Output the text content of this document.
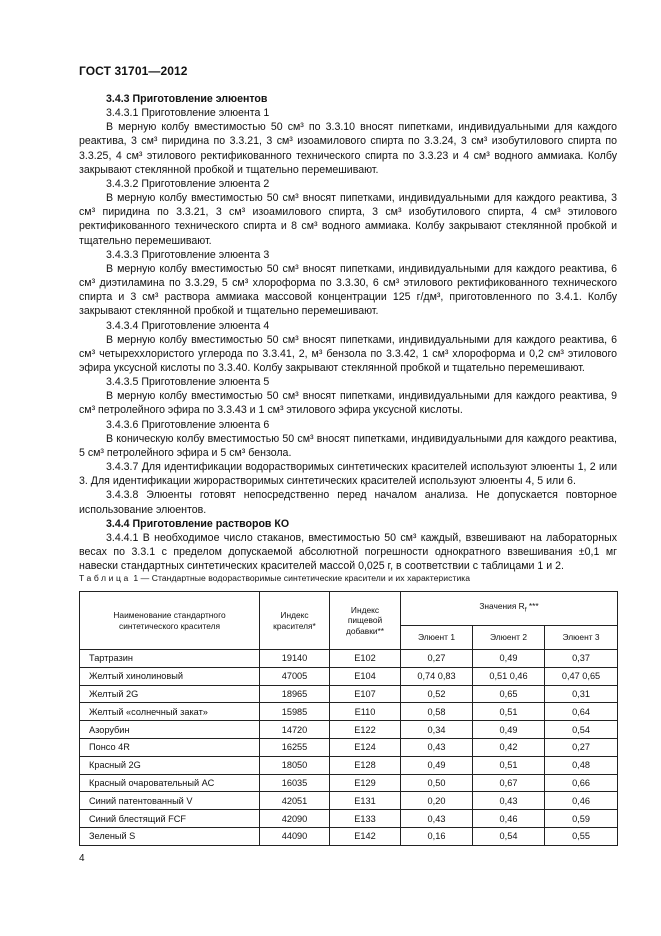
ГОСТ 31701—2012

3.4.3 Приготовление элюентов

3.4.3.1 Приготовление элюента 1

В мерную колбу вместимостью 50 см³ по 3.3.10 вносят пипетками, индивидуальными для каждого реактива, 3 см³ пиридина по 3.3.21, 3 см³ изоамилового спирта по 3.3.24, 3 см³ изобутилового спирта по 3.3.25, 4 см³ этилового ректификованного технического спирта по 3.3.23 и 4 см³ водного аммиака. Колбу закрывают стеклянной пробкой и тщательно перемешивают.

3.4.3.2 Приготовление элюента 2

В мерную колбу вместимостью 50 см³ вносят пипетками, индивидуальными для каждого реактива, 3 см³ пиридина по 3.3.21, 3 см³ изоамилового спирта, 3 см³ изобутилового спирта, 4 см³ этилового ректификованного технического спирта и 8 см³ водного аммиака. Колбу закрывают стеклянной пробкой и тщательно перемешивают.

3.4.3.3 Приготовление элюента 3

В мерную колбу вместимостью 50 см³ вносят пипетками, индивидуальными для каждого реактива, 6 см³ диэтиламина по 3.3.29, 5 см³ хлороформа по 3.3.30, 6 см³ этилового ректификованного технического спирта и 3 см³ раствора аммиака массовой концентрации 125 г/дм³, приготовленного по 3.4.1. Колбу закрывают стеклянной пробкой и тщательно перемешивают.

3.4.3.4 Приготовление элюента 4

В мерную колбу вместимостью 50 см³ вносят пипетками, индивидуальными для каждого реактива, 6 см³ четыреххлористого углерода по 3.3.41, 2, м³ бензола по 3.3.42, 1 см³ хлороформа и 0,2 см³ этилового эфира уксусной кислоты по 3.3.40. Колбу закрывают стеклянной пробкой и тщательно перемешивают.

3.4.3.5 Приготовление элюента 5

В мерную колбу вместимостью 50 см³ вносят пипетками, индивидуальными для каждого реактива, 9 см³ петролейного эфира по 3.3.43 и 1 см³ этилового эфира уксусной кислоты.

3.4.3.6 Приготовление элюента 6

В коническую колбу вместимостью 50 см³ вносят пипетками, индивидуальными для каждого реактива, 5 см³ петролейного эфира и 5 см³ бензола.

3.4.3.7 Для идентификации водорастворимых синтетических красителей используют элюенты 1, 2 или 3. Для идентификации жирорастворимых синтетических красителей используют элюенты 4, 5 или 6.

3.4.3.8 Элюенты готовят непосредственно перед началом анализа. Не допускается повторное использование элюентов.

3.4.4 Приготовление растворов КО

3.4.4.1 В необходимое число стаканов, вместимостью 50 см³ каждый, взвешивают на лабораторных весах по 3.3.1 с пределом допускаемой абсолютной погрешности однократного взвешивания ±0,1 мг навески стандартных синтетических красителей массой 0,025 г, в соответствии с таблицами 1 и 2.

Таблица 1 — Стандартные водорастворимые синтетические красители и их характеристика
Наименование стандартного синтетического красителя	Индекс красителя*	Индекс пищевой добавки**	Значения $R_f$ ***		
			Элюент 1	Элюент 2	Элюент 3
Тартразин	19140	E102	0,27	0,49	0,37
Желтый хинолиновый	47005	E104	0,74 0,83	0,51 0,46	0,47 0,65
Желтый 2G	18965	E107	0,52	0,65	0,31
Желтый «солнечный закат»	15985	E110	0,58	0,51	0,64
Азорубин	14720	E122	0,34	0,49	0,54
Понсо 4R	16255	E124	0,43	0,42	0,27
Красный 2G	18050	E128	0,49	0,51	0,48
Красный очаровательный АС	16035	E129	0,50	0,67	0,66
Синий патентованный V	42051	E131	0,20	0,43	0,46
Синий блестящий FCF	42090	E133	0,43	0,46	0,59
Зеленый S	44090	E142	0,16	0,54	0,55
4
